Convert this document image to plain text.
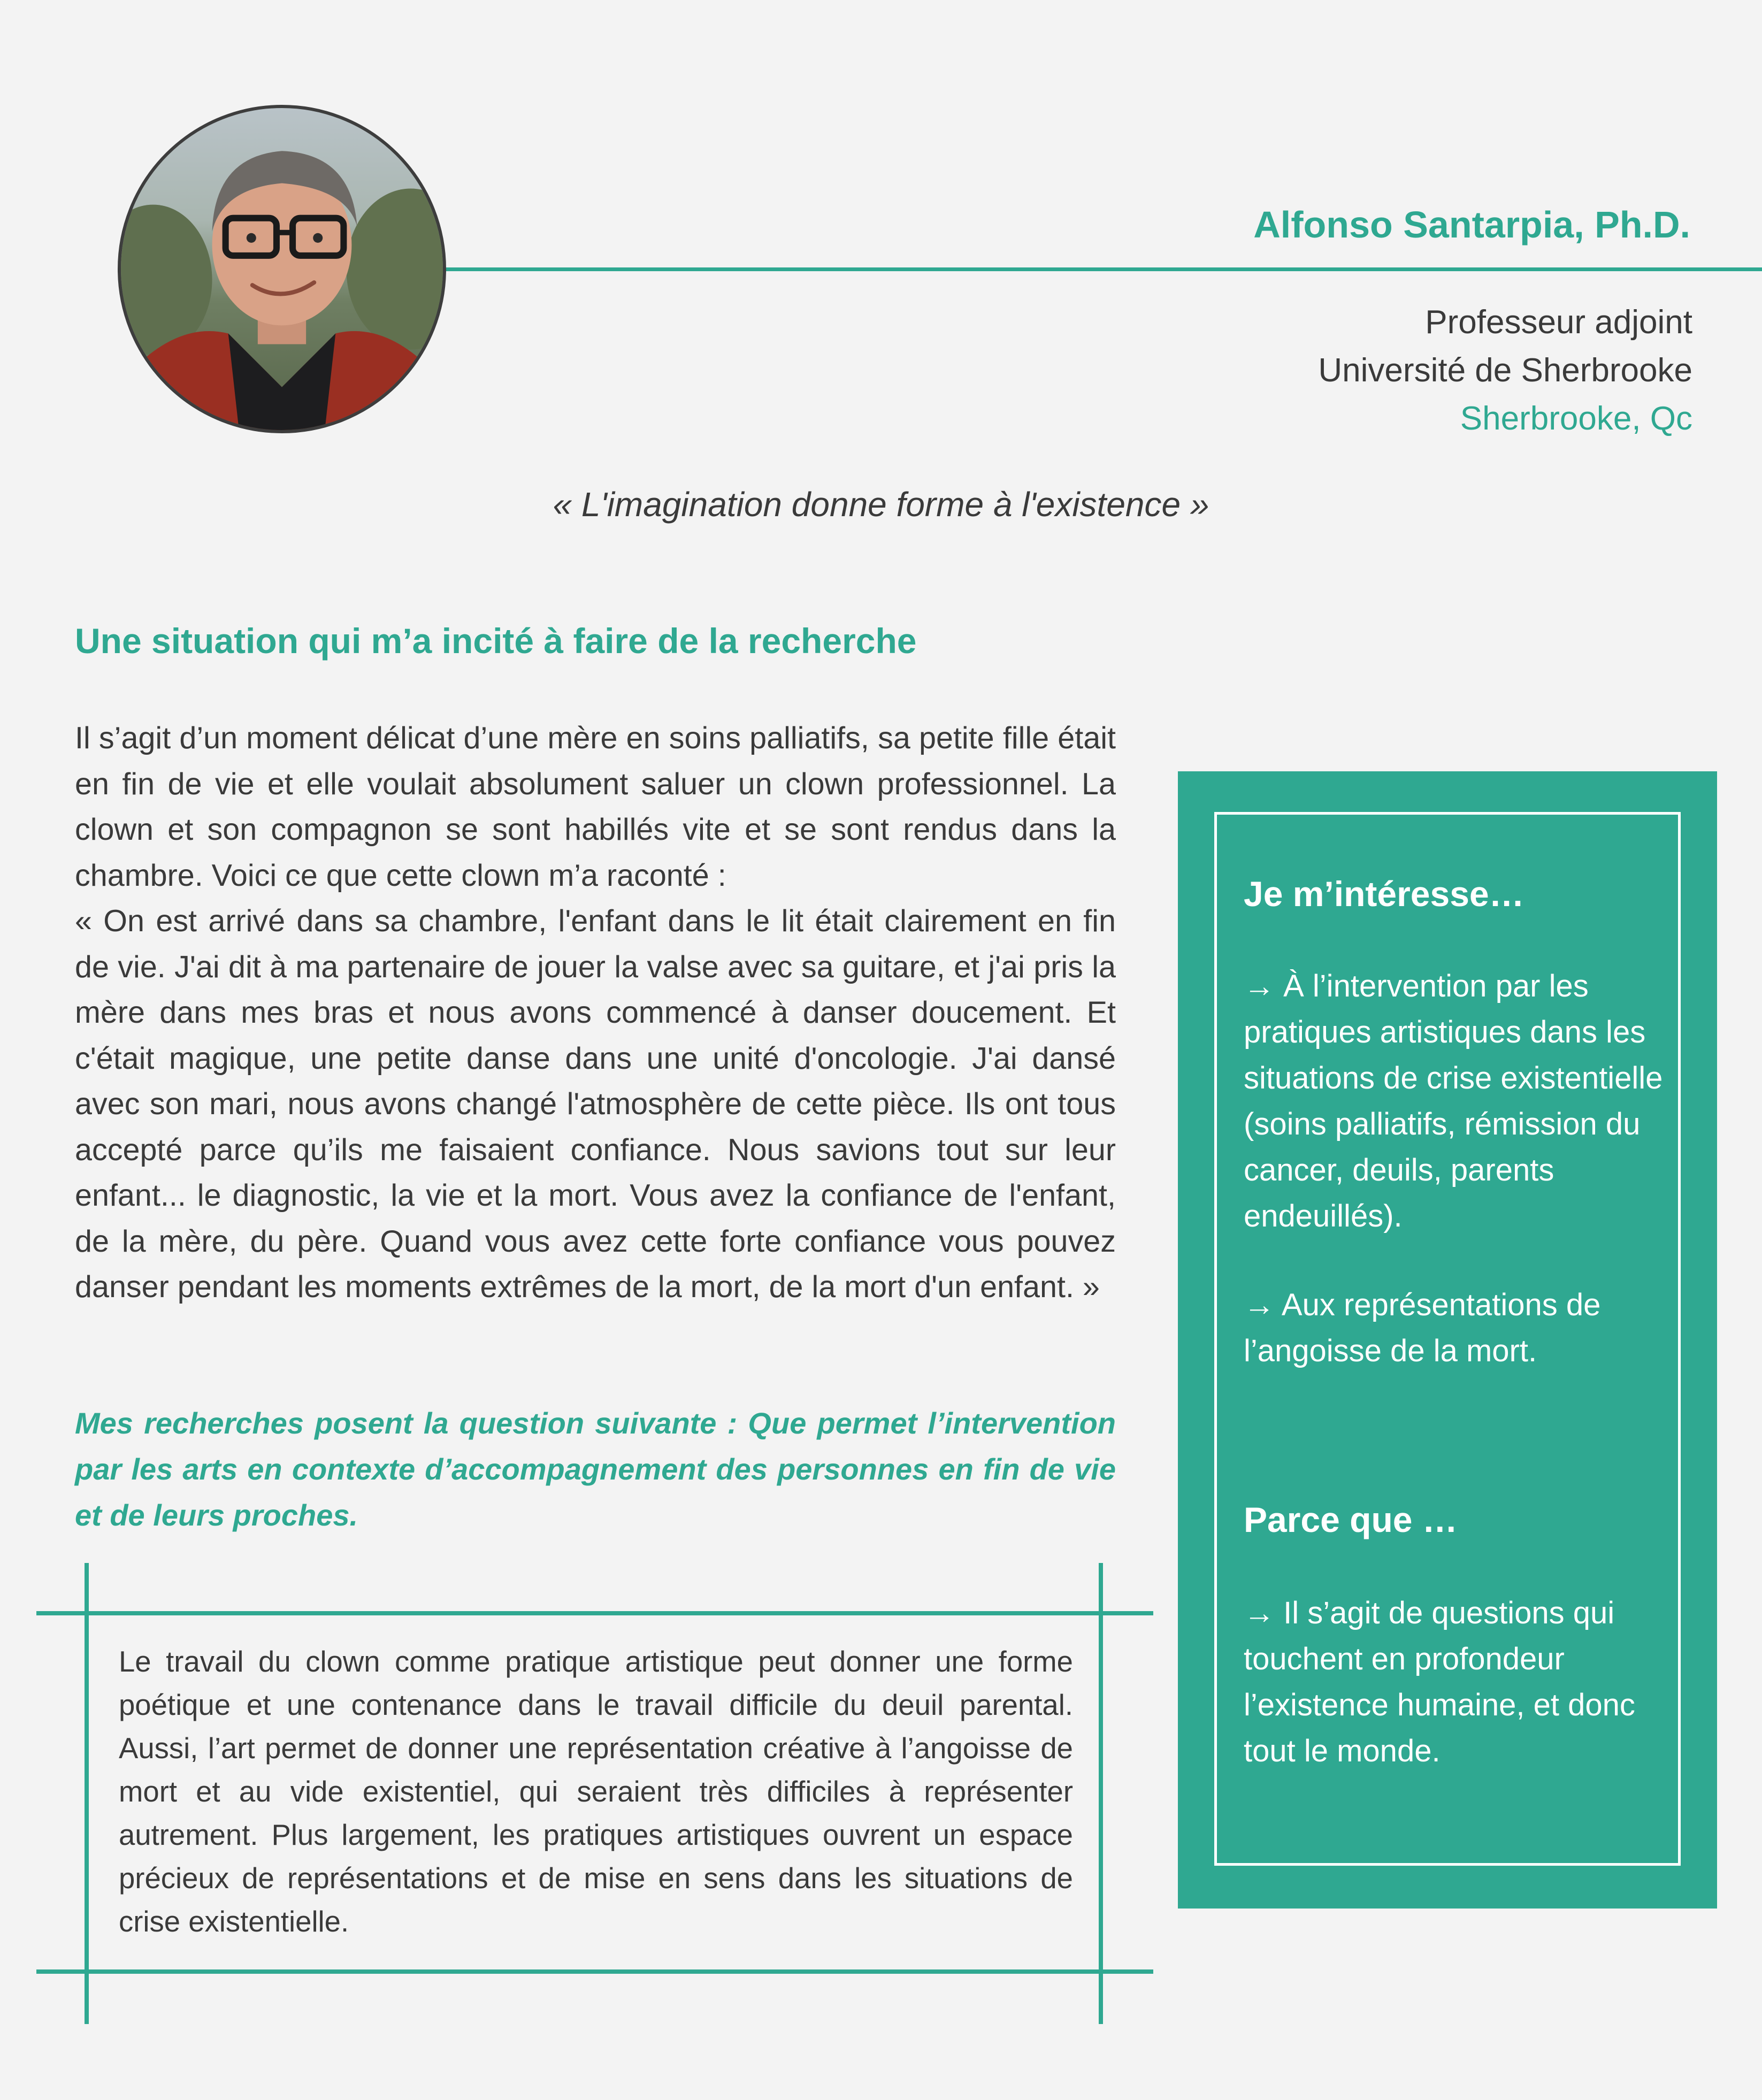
Alfonso Santarpia, Ph.D.
Professeur adjoint
Université de Sherbrooke
Sherbrooke, Qc
« L'imagination donne forme à l'existence »
Une situation qui m’a incité à faire de la recherche

Il s’agit d’un moment délicat d’une mère en soins palliatifs, sa petite fille était en fin de vie et elle voulait absolument saluer un clown professionnel. La clown et son compagnon se sont habillés vite et se sont rendus dans la chambre. Voici ce que cette clown m’a raconté :

« On est arrivé dans sa chambre, l'enfant dans le lit était clairement en fin de vie. J'ai dit à ma partenaire de jouer la valse avec sa guitare, et j'ai pris la mère dans mes bras et nous avons commencé à danser doucement. Et c'était magique, une petite danse dans une unité d'oncologie. J'ai dansé avec son mari, nous avons changé l'atmosphère de cette pièce. Ils ont tous accepté parce qu’ils me faisaient confiance. Nous savions tout sur leur enfant... le diagnostic, la vie et la mort. Vous avez la confiance de l'enfant, de la mère, du père. Quand vous avez cette forte confiance vous pouvez danser pendant les moments extrêmes de la mort, de la mort d'un enfant. »

Mes recherches posent la question suivante : Que permet l’intervention par les arts en contexte d’accompagnement des personnes en fin de vie et de leurs proches.
Le travail du clown comme pratique artistique peut donner une forme poétique et une contenance dans le travail difficile du deuil parental. Aussi, l’art permet de donner une représentation créative à l’angoisse de mort et au vide existentiel, qui seraient très difficiles à représenter autrement. Plus largement, les pratiques artistiques ouvrent un espace précieux de représentations et de mise en sens dans les situations de crise existentielle.
Je m’intéresse…
→ À l’intervention par les pratiques artistiques dans les situations de crise existentielle (soins palliatifs, rémission du cancer, deuils, parents endeuillés).
→ Aux représentations de l’angoisse de la mort.
Parce que …
→ Il s’agit de questions qui touchent en profondeur l’existence humaine, et donc tout le monde.
